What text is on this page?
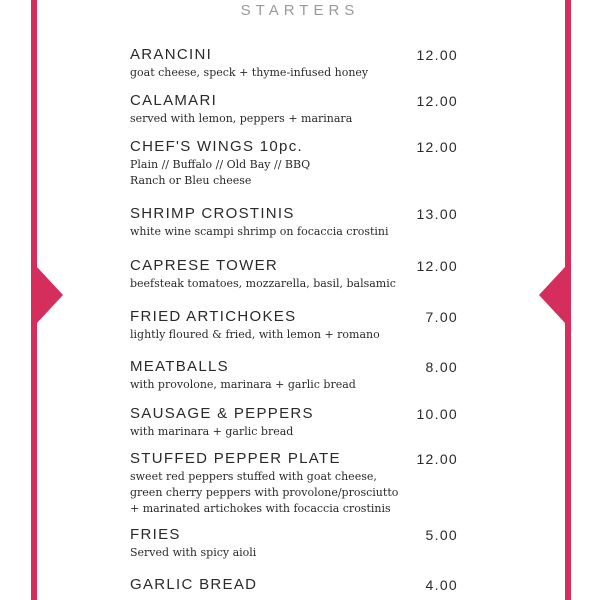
STARTERS
ARANCINI	12.00
goat cheese, speck + thyme-infused honey
CALAMARI	12.00
served with lemon, peppers + marinara
CHEF'S WINGS 10pc.	12.00
Plain // Buffalo // Old Bay // BBQ
Ranch or Bleu cheese
SHRIMP CROSTINIS	13.00
white wine scampi shrimp on focaccia crostini
CAPRESE TOWER	12.00
beefsteak tomatoes, mozzarella, basil, balsamic
FRIED ARTICHOKES	7.00
lightly floured & fried, with lemon + romano
MEATBALLS	8.00
with provolone, marinara + garlic bread
SAUSAGE & PEPPERS	10.00
with marinara + garlic bread
STUFFED PEPPER PLATE	12.00
sweet red peppers stuffed with goat cheese,
green cherry peppers with provolone/prosciutto
+ marinated artichokes with focaccia crostinis
FRIES	5.00
Served with spicy aioli
GARLIC BREAD	4.00
